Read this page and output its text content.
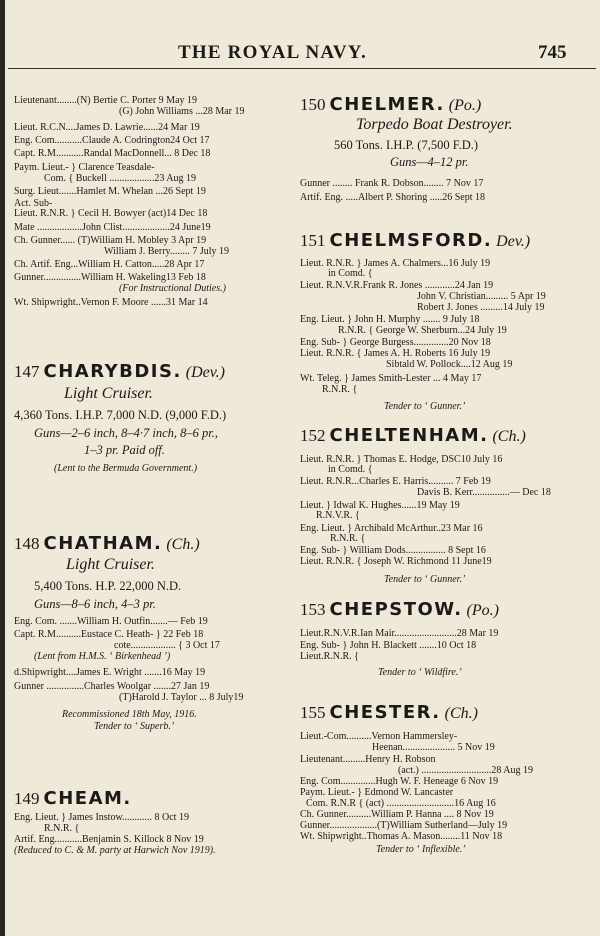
THE ROYAL NAVY.	745
Lieutenant........(N) Bertie C. Porter 9 May 19
(G) John Williams ...28 Mar 19
Lieut. R.C.N....James D. Lawrie......24 Mar 19
Eng. Com...........Claude A. Codrington24 Oct 17
Capt. R.M...........Randal MacDonnell... 8 Dec 18
Paym. Lieut.- } Clarence Teasdale-
Com. { Buckell ..................23 Aug 19
Surg. Lieut.......Hamlet M. Whelan ...26 Sept 19
Act. Sub-
Lieut. R.N.R. } Cecil H. Bowyer (act)14 Dec 18
Mate ..................John Clist...................24 June19
Ch. Gunner...... (T)William H. Mobley 3 Apr 19
William J. Berry........ 7 July 19
Ch. Artif. Eng...William H. Catton.....28 Apr 17
Gunner...............William H. Wakeling13 Feb 18
(For Instructional Duties.)
Wt. Shipwright..Vernon F. Moore ......31 Mar 14
147 CHARYBDIS. (Dev.)
Light Cruiser.
4,360 Tons. I.H.P. 7,000 N.D. (9,000 F.D.)
Guns—2–6 inch, 8–4·7 inch, 8–6 pr.,
1–3 pr. Paid off.
(Lent to the Bermuda Government.)
148 CHATHAM. (Ch.)
Light Cruiser.
5,400 Tons. H.P. 22,000 N.D.
Guns—8–6 inch, 4–3 pr.
Eng. Com. .......William H. Outfin.......— Feb 19
Capt. R.M..........Eustace C. Heath- } 22 Feb 18
cote.................. { 3 Oct 17
(Lent from H.M.S. ‘ Birkenhead ’)
d.Shipwright....James E. Wright .......16 May 19
Gunner ...............Charles Woolgar .......27 Jan 19
(T)Harold J. Taylor ... 8 July19
Recommissioned 18th May, 1916.
Tender to ‘ Superb.’
149 CHEAM.
Eng. Lieut. } James Instow............ 8 Oct 19
R.N.R. {
Artif. Eng...........Benjamin S. Killock 8 Nov 19
(Reduced to C. & M. party at Harwich Nov 1919).
150 CHELMER. (Po.)
Torpedo Boat Destroyer.
560 Tons. I.H.P. (7,500 F.D.)
Guns—4–12 pr.
Gunner ........ Frank R. Dobson........ 7 Nov 17
Artif. Eng. .....Albert P. Shoring .....26 Sept 18
151 CHELMSFORD. Dev.)
Lieut. R.N.R. } James A. Chalmers...16 July 19
in Comd. {
Lieut. R.N.V.R.Frank R. Jones ............24 Jan 19
John V. Christian......... 5 Apr 19
Robert J. Jones .........14 July 19
Eng. Lieut. } John H. Murphy ....... 9 July 18
R.N.R. { George W. Sherburn...24 July 19
Eng. Sub- } George Burgess..............20 Nov 18
Lieut. R.N.R. { James A. H. Roberts 16 July 19
Sibtald W. Pollock....12 Aug 19
Wt. Teleg. } James Smith-Lester ... 4 May 17
R.N.R. {
Tender to ‘ Gunner.’
152 CHELTENHAM. (Ch.)
Lieut. R.N.R. } Thomas E. Hodge, DSC10 July 16
in Comd. {
Lieut. R.N.R...Charles E. Harris.......... 7 Feb 19
Davis B. Kerr...............— Dec 18
Lieut. } Idwal K. Hughes......19 May 19
R.N.V.R. {
Eng. Lieut. } Archibald McArthur..23 Mar 16
R.N.R. {
Eng. Sub- } William Dods................ 8 Sept 16
Lieut. R.N.R. { Joseph W. Richmond 11 June19
Tender to ‘ Gunner.’
153 CHEPSTOW. (Po.)
Lieut.R.N.V.R.Ian Mair.........................28 Mar 19
Eng. Sub- } John H. Blackett .......10 Oct 18
Lieut.R.N.R. {
Tender to ‘ Wildfire.’
155 CHESTER. (Ch.)
Lieut.-Com..........Vernon Hammersley-
Heenan..................... 5 Nov 19
Lieutenant.........Henry H. Robson
(act.) ............................28 Aug 19
Eng. Com..............Hugh W. F. Heneage 6 Nov 19
Paym. Lieut.- } Edmond W. Lancaster
Com. R.N.R { (act) ...........................16 Aug 16
Ch. Gunner..........William P. Hanna .... 8 Nov 19
Gunner...................(T)William Sutherland—July 19
Wt. Shipwright..Thomas A. Mason........11 Nov 18
Tender to ‘ Inflexible.’
